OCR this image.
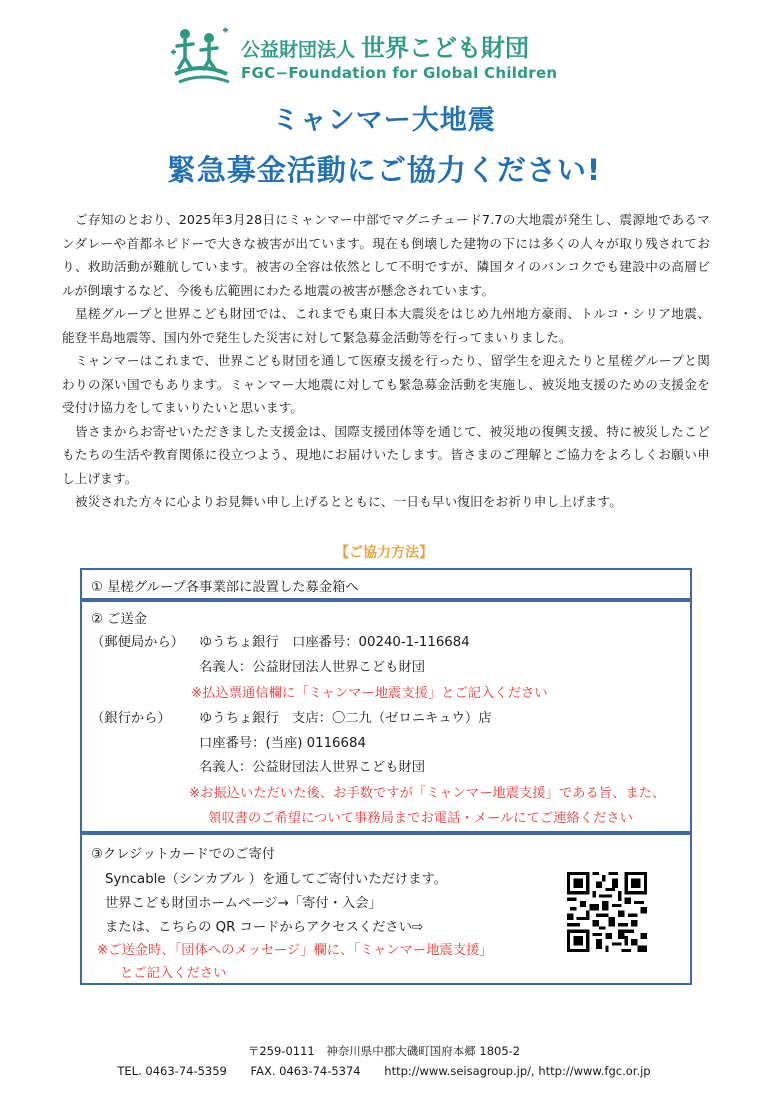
公益財団法人 世界こども財団
FGC−Foundation for Global Children
ミャンマー大地震
緊急募金活動にご協力ください!

ご存知のとおり、2025年3月28日にミャンマー中部でマグニチュード7.7の大地震が発生し、震源地であるマンダレーや首都ネピドーで大きな被害が出ています。現在も倒壊した建物の下には多くの人々が取り残されており、救助活動が難航しています。被害の全容は依然として不明ですが、隣国タイのバンコクでも建設中の高層ビルが倒壊するなど、今後も広範囲にわたる地震の被害が懸念されています。

星槎グループと世界こども財団では、これまでも東日本大震災をはじめ九州地方豪雨、トルコ・シリア地震、能登半島地震等、国内外で発生した災害に対して緊急募金活動等を行ってまいりました。

ミャンマーはこれまで、世界こども財団を通して医療支援を行ったり、留学生を迎えたりと星槎グループと関わりの深い国でもあります。ミャンマー大地震に対しても緊急募金活動を実施し、被災地支援のための支援金を受付け協力をしてまいりたいと思います。

皆さまからお寄せいただきました支援金は、国際支援団体等を通じて、被災地の復興支援、特に被災したこどもたちの生活や教育関係に役立つよう、現地にお届けいたします。皆さまのご理解とご協力をよろしくお願い申し上げます。

被災された方々に心よりお見舞い申し上げるとともに、一日も早い復旧をお祈り申し上げます。

【ご協力方法】
① 星槎グループ各事業部に設置した募金箱へ
② ご送金
（郵便局から） ゆうちょ銀行　口座番号：00240-1-116684
名義人：公益財団法人世界こども財団
※払込票通信欄に「ミャンマー地震支援」とご記入ください
（銀行から） ゆうちょ銀行　支店：〇二九（ゼロニキュウ）店
口座番号：(当座) 0116684
名義人：公益財団法人世界こども財団
※お振込いただいた後、お手数ですが「ミャンマー地震支援」である旨、また、
領収書のご希望について事務局までお電話・メールにてご連絡ください
③クレジットカードでのご寄付
Syncable（シンカブル ）を通してご寄付いただけます。
世界こども財団ホームページ→「寄付・入会」
または、こちらの QR コードからアクセスください⇨
※ご送金時、「団体へのメッセージ」欄に、「ミャンマー地震支援」
とご記入ください
〒259-0111　神奈川県中郡大磯町国府本郷 1805-2
TEL. 0463-74-5359 FAX. 0463-74-5374 http://www.seisagroup.jp/, http://www.fgc.or.jp
